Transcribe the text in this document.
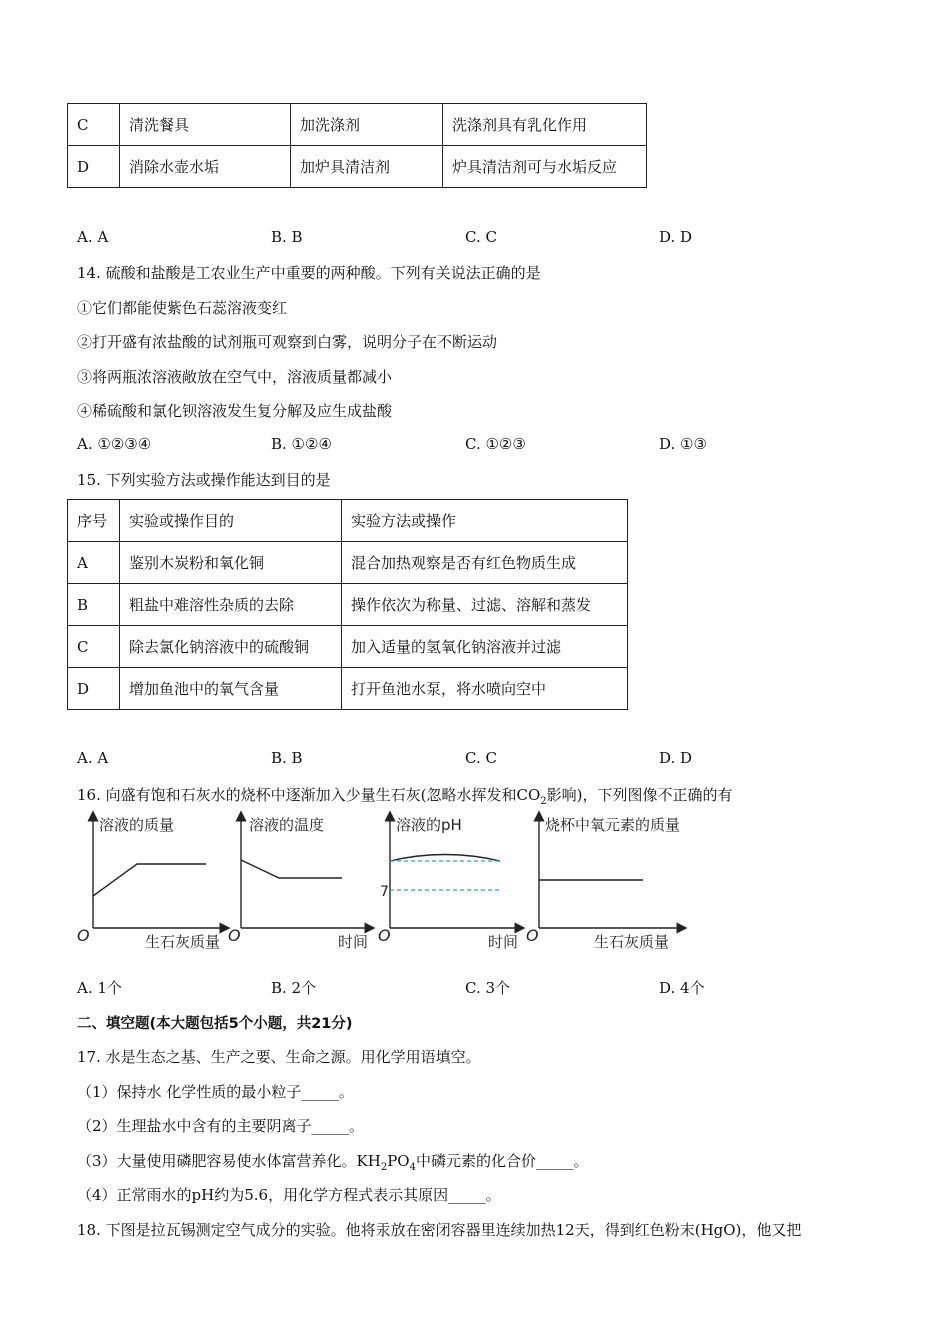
C	清洗餐具	加洗涤剂	洗涤剂具有乳化作用
D	消除水壶水垢	加炉具清洁剂	炉具清洁剂可与水垢反应
A. A	B. B	C. C	D. D
14. 硫酸和盐酸是工农业生产中重要的两种酸。下列有关说法正确的是
①它们都能使紫色石蕊溶液变红
②打开盛有浓盐酸的试剂瓶可观察到白雾，说明分子在不断运动
③将两瓶浓溶液敞放在空气中，溶液质量都减小
④稀硫酸和氯化钡溶液发生复分解及应生成盐酸
A. ①②③④	B. ①②④	C. ①②③	D. ①③
15. 下列实验方法或操作能达到目的是
序号	实验或操作目的	实验方法或操作
A	鉴别木炭粉和氧化铜	混合加热观察是否有红色物质生成
B	粗盐中难溶性杂质的去除	操作依次为称量、过滤、溶解和蒸发
C	除去氯化钠溶液中的硫酸铜	加入适量的氢氧化钠溶液并过滤
D	增加鱼池中的氧气含量	打开鱼池水泵，将水喷向空中
A. A	B. B	C. C	D. D
16. 向盛有饱和石灰水的烧杯中逐渐加入少量生石灰(忽略水挥发和$CO_2$影响)，下列图像不正确的有
溶液的质量
生石灰质量
O
溶液的温度
时间
O
溶液的pH
时间
7
O
烧杯中氧元素的质量
生石灰质量
O
A. 1个	B. 2个	C. 3个	D. 4个
二、填空题(本大题包括5个小题，共21分)
17. 水是生态之基、生产之要、生命之源。用化学用语填空。
（1）保持水 化学性质的最小粒子_____。
（2）生理盐水中含有的主要阴离子_____。
（3）大量使用磷肥容易使水体富营养化。$KH_2PO_4$中磷元素的化合价_____。
（4）正常雨水的pH约为5.6，用化学方程式表示其原因_____。
18. 下图是拉瓦锡测定空气成分的实验。他将汞放在密闭容器里连续加热12天，得到红色粉末(HgO)，他又把
